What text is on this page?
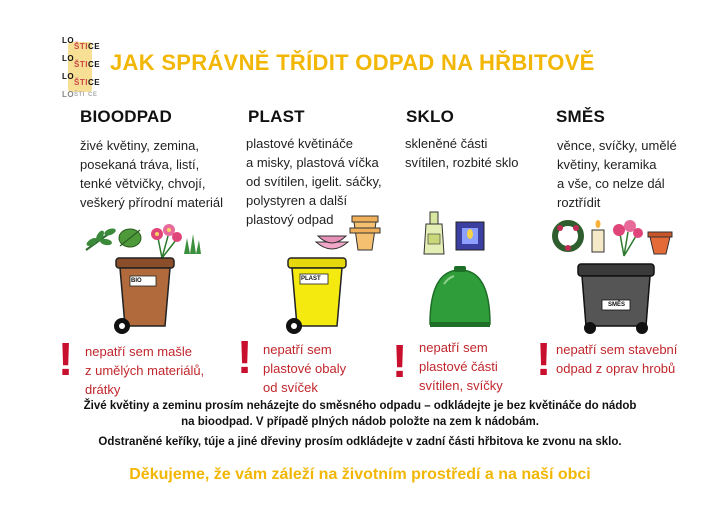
LO
ŠTI CE
LO
ŠTI CE
LO
ŠTI CE
LO ŠTI CE
JAK SPRÁVNĚ TŘÍDIT ODPAD NA HŘBITOVĚ
BIOODPAD	PLAST	SKLO	SMĚS
živé květiny, zemina,
posekaná tráva, listí,
tenké větvičky, chvojí,
veškerý přírodní materiál
plastové květináče
a misky, plastová víčka
od svítilen, igelit. sáčky,
polystyren a další
plastový odpad
skleněné části
svítilen, rozbité sklo
věnce, svíčky, umělé
květiny, keramika
a vše, co nelze dál
roztřídit
BIO	PLAST
SMĚS
!	!	!	!
nepatří sem mašle
z umělých materiálů,
drátky
nepatří sem
plastové obaly
od svíček
nepatří sem
plastové části
svítilen, svíčky
nepatří sem stavební
odpad z oprav hrobů
Živé květiny a zeminu prosím neházejte do směsného odpadu – odkládejte je bez květináče do nádob
na bioodpad. V případě plných nádob položte na zem k nádobám.
Odstraněné keříky, túje a jiné dřeviny prosím odkládejte v zadní části hřbitova ke zvonu na sklo.
Děkujeme, že vám záleží na životním prostředí a na naší obci
